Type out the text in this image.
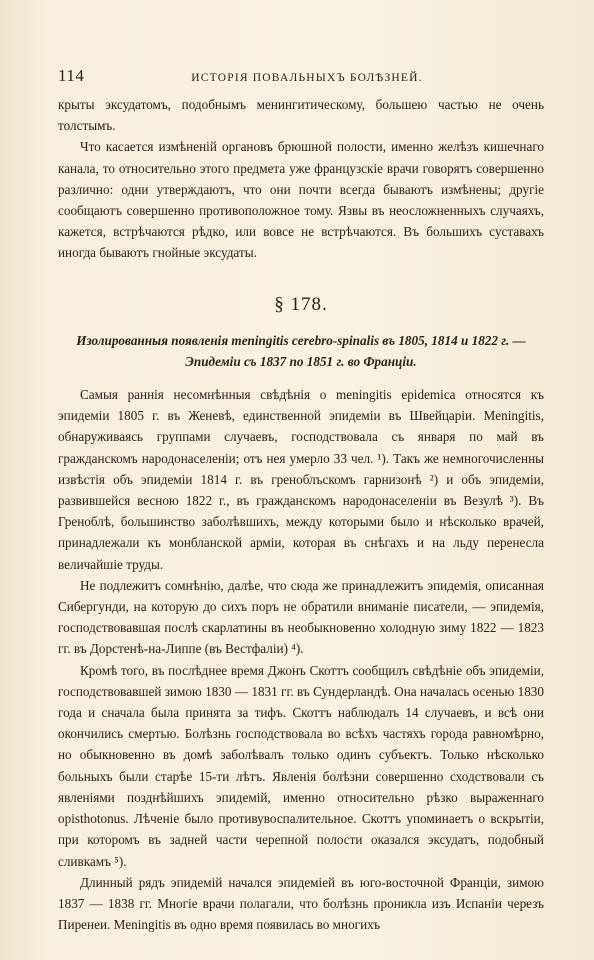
114	ИСТОРІЯ ПОВАЛЬНЫХЪ БОЛѢЗНЕЙ.

крыты эксудатомъ, подобнымъ менингитическому, большею частью не очень толстымъ.

Что касается измѣненій органовъ брюшной полости, именно желѣзъ кишечнаго канала, то относительно этого предмета уже французскіе врачи говорятъ совершенно различно: одни утверждаютъ, что они почти всегда бываютъ измѣнены; другіе сообщаютъ совершенно противоположное тому. Язвы въ неосложненныхъ случаяхъ, кажется, встрѣчаются рѣдко, или вовсе не встрѣчаются. Въ большихъ суставахъ иногда бываютъ гнойные эксудаты.

§ 178.
Изолированныя появленія meningitis cerebro-spinalis въ 1805, 1814 и 1822 г. — Эпидеміи съ 1837 по 1851 г. во Франціи.

Самыя раннія несомнѣнныя свѣдѣнія о meningitis epidemica относятся къ эпидеміи 1805 г. въ Женевѣ, единственной эпидеміи въ Швейцаріи. Meningitis, обнаруживаясь группами случаевъ, господствовала съ января по май въ гражданскомъ народонаселеніи; отъ нея умерло 33 чел. ¹). Такъ же немногочисленны извѣстія объ эпидеміи 1814 г. въ греноблъскомъ гарнизонѣ ²) и объ эпидеміи, развившейся весною 1822 г., въ гражданскомъ народонаселеніи въ Везулѣ ³). Въ Греноблѣ, большинство заболѣвшихъ, между которыми было и нѣсколько врачей, принадлежали къ монбланской арміи, которая въ снѣгахъ и на льду перенесла величайшіе труды.

Не подлежитъ сомнѣнію, далѣе, что сюда же принадлежитъ эпидемія, описанная Сибергунди, на которую до сихъ поръ не обратили вниманіе писатели, — эпидемія, господствовавшая послѣ скарлатины въ необыкновенно холодную зиму 1822 — 1823 гг. въ Дорстенѣ-на-Липпе (въ Вестфаліи) ⁴).

Кромѣ того, въ послѣднее время Джонъ Скоттъ сообщилъ свѣдѣніе объ эпидеміи, господствовавшей зимою 1830 — 1831 гг. въ Сундерландѣ. Она началась осенью 1830 года и сначала была принята за тифъ. Скоттъ наблюдалъ 14 случаевъ, и всѣ они окончились смертью. Болѣзнь господствовала во всѣхъ частяхъ города равномѣрно, но обыкновенно въ домѣ заболѣвалъ только одинъ субъектъ. Только нѣсколько больныхъ были старѣе 15-ти лѣтъ. Явленія болѣзни совершенно сходствовали съ явленіями позднѣйшихъ эпидемій, именно относительно рѣзко выраженнаго opisthotonus. Лѣченіе было противувоспалительное. Скоттъ упоминаетъ о вскрытіи, при которомъ въ задней части черепной полости оказался эксудатъ, подобный сливкамъ ⁵).

Длинный рядъ эпидемій начался эпидеміей въ юго-восточной Франціи, зимою 1837 — 1838 гг. Многіе врачи полагали, что болѣзнь проникла изъ Испаніи черезъ Пиренеи. Meningitis въ одно время появилась во многихъ
